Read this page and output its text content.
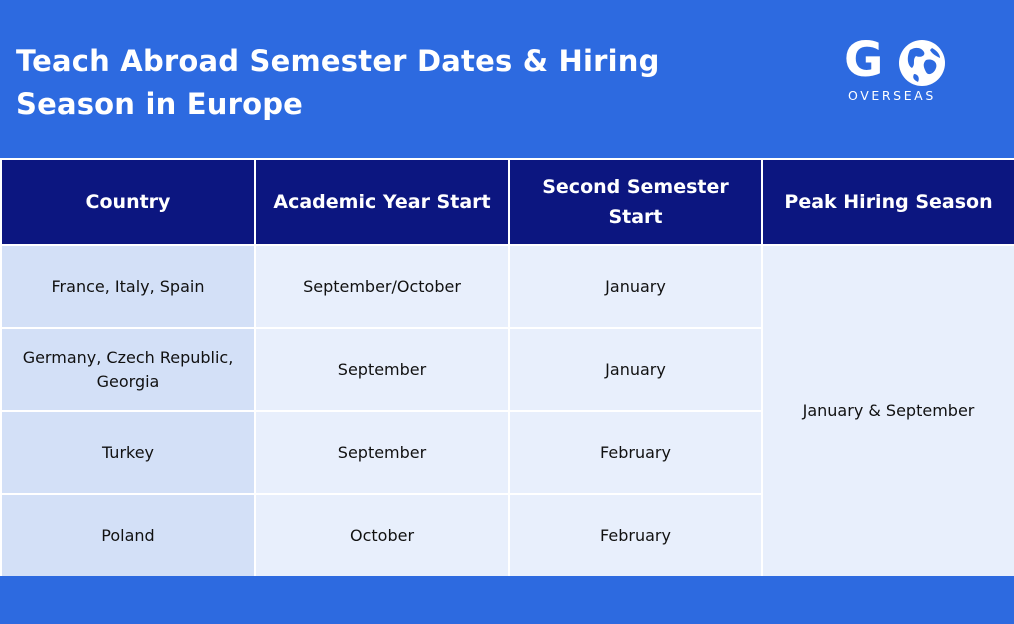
Teach Abroad Semester Dates & Hiring
Season in Europe
G
OVERSEAS
Country	Academic Year Start	Second Semester Start	Peak Hiring Season
France, Italy, Spain	September/October	January	January & September
Germany, Czech Republic, Georgia	September	January	
Turkey	September	February	
Poland	October	February	
